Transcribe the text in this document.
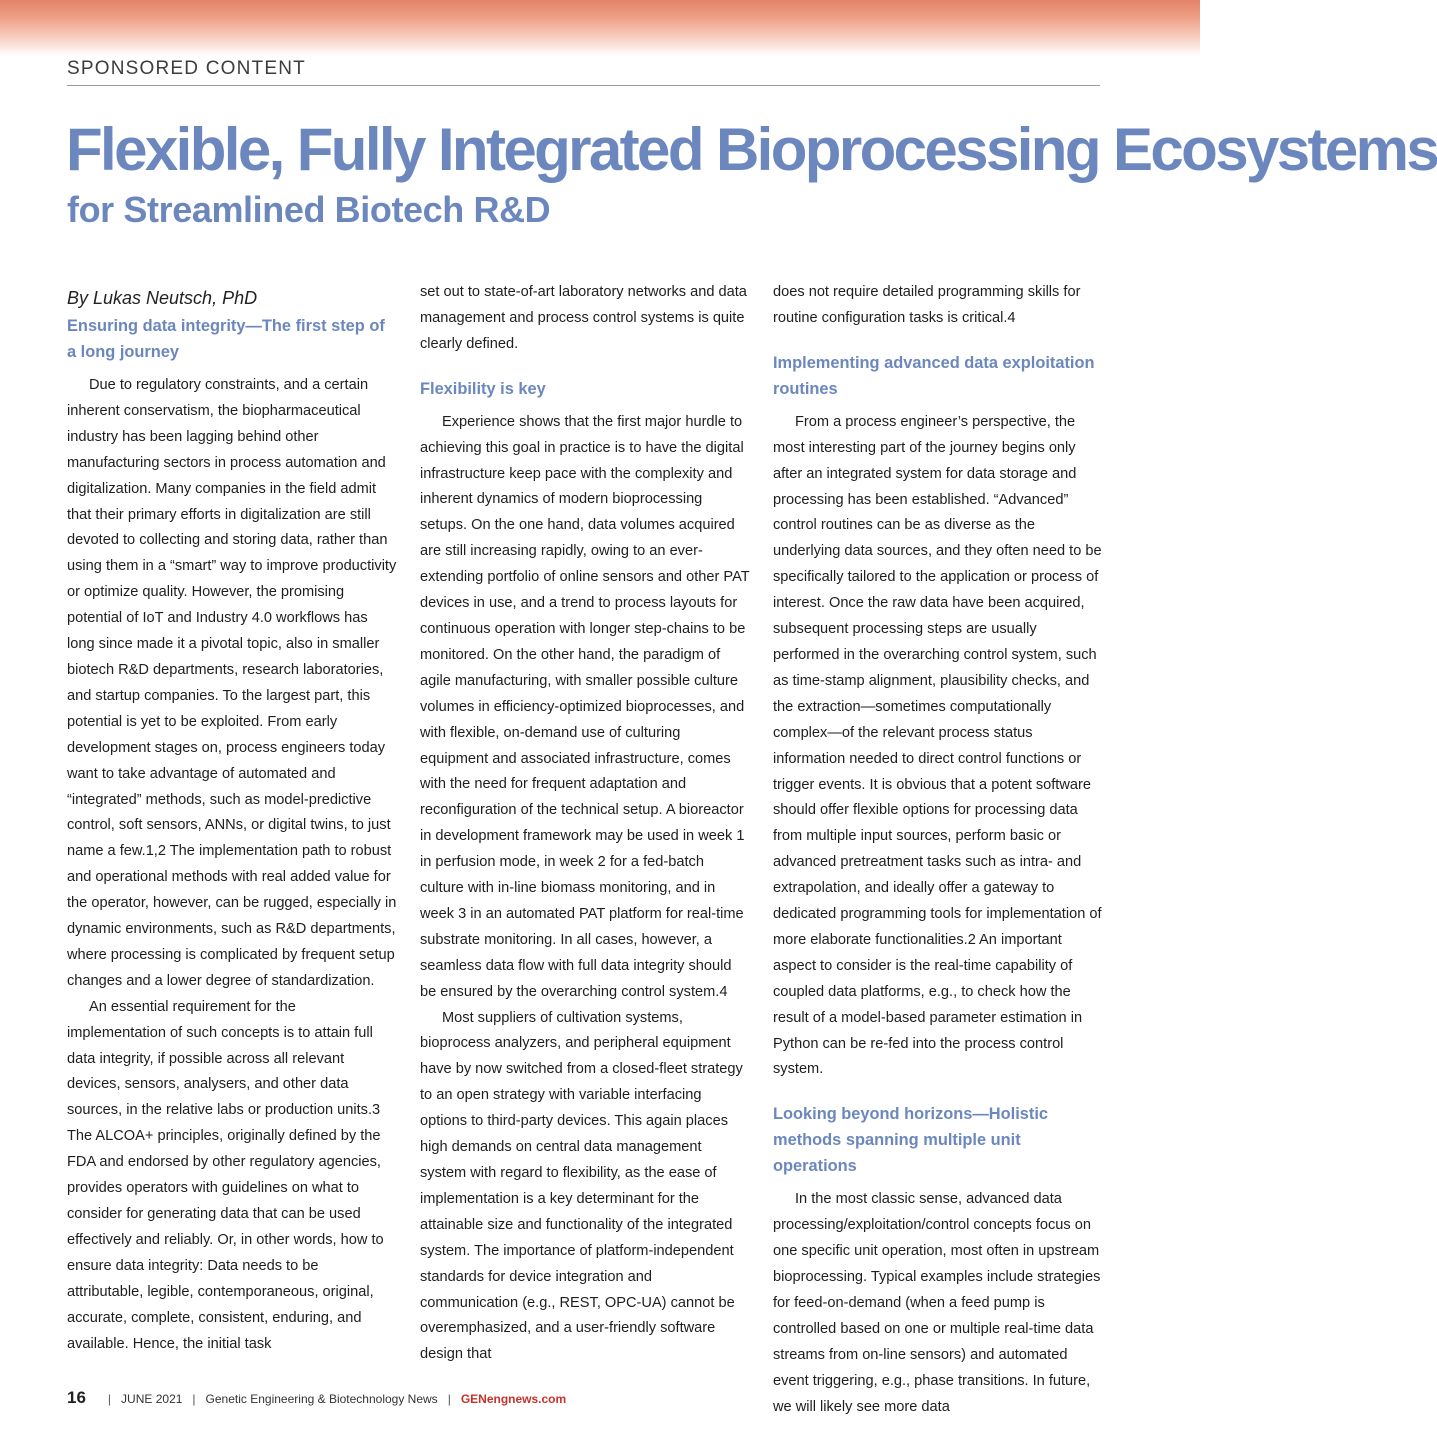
SPONSORED CONTENT
Flexible, Fully Integrated Bioprocessing Ecosystems
for Streamlined Biotech R&D

By Lukas Neutsch, PhD

Ensuring data integrity—The first step of a long journey

Due to regulatory constraints, and a certain inherent conservatism, the biopharmaceutical industry has been lagging behind other manufacturing sectors in process automation and digitalization. Many companies in the field admit that their primary efforts in digitalization are still devoted to collecting and storing data, rather than using them in a “smart” way to improve productivity or optimize quality. However, the promising potential of IoT and Industry 4.0 workflows has long since made it a pivotal topic, also in smaller biotech R&D departments, research laboratories, and startup companies. To the largest part, this potential is yet to be exploited. From early development stages on, process engineers today want to take advantage of automated and “integrated” methods, such as model-predictive control, soft sensors, ANNs, or digital twins, to just name a few.1,2 The implementation path to robust and operational methods with real added value for the operator, however, can be rugged, especially in dynamic environments, such as R&D departments, where processing is complicated by frequent setup changes and a lower degree of standardization.

An essential requirement for the implementation of such concepts is to attain full data integrity, if possible across all relevant devices, sensors, analysers, and other data sources, in the relative labs or production units.3 The ALCOA+ principles, originally defined by the FDA and endorsed by other regulatory agencies, provides operators with guidelines on what to consider for generating data that can be used effectively and reliably. Or, in other words, how to ensure data integrity: Data needs to be attributable, legible, contemporaneous, original, accurate, complete, consistent, enduring, and available. Hence, the initial task

set out to state-of-art laboratory networks and data management and process control systems is quite clearly defined.

Flexibility is key

Experience shows that the first major hurdle to achieving this goal in practice is to have the digital infrastructure keep pace with the complexity and inherent dynamics of modern bioprocessing setups. On the one hand, data volumes acquired are still increasing rapidly, owing to an ever-extending portfolio of online sensors and other PAT devices in use, and a trend to process layouts for continuous operation with longer step-chains to be monitored. On the other hand, the paradigm of agile manufacturing, with smaller possible culture volumes in efficiency-optimized bioprocesses, and with flexible, on-demand use of culturing equipment and associated infrastructure, comes with the need for frequent adaptation and reconfiguration of the technical setup. A bioreactor in development framework may be used in week 1 in perfusion mode, in week 2 for a fed-batch culture with in-line biomass monitoring, and in week 3 in an automated PAT platform for real-time substrate monitoring. In all cases, however, a seamless data flow with full data integrity should be ensured by the overarching control system.4

Most suppliers of cultivation systems, bioprocess analyzers, and peripheral equipment have by now switched from a closed-fleet strategy to an open strategy with variable interfacing options to third-party devices. This again places high demands on central data management system with regard to flexibility, as the ease of implementation is a key determinant for the attainable size and functionality of the integrated system. The importance of platform-independent standards for device integration and communication (e.g., REST, OPC-UA) cannot be overemphasized, and a user-friendly software design that

does not require detailed programming skills for routine configuration tasks is critical.4

Implementing advanced data exploitation routines

From a process engineer’s perspective, the most interesting part of the journey begins only after an integrated system for data storage and processing has been established. “Advanced” control routines can be as diverse as the underlying data sources, and they often need to be specifically tailored to the application or process of interest. Once the raw data have been acquired, subsequent processing steps are usually performed in the overarching control system, such as time-stamp alignment, plausibility checks, and the extraction—sometimes computationally complex—of the relevant process status information needed to direct control functions or trigger events. It is obvious that a potent software should offer flexible options for processing data from multiple input sources, perform basic or advanced pretreatment tasks such as intra- and extrapolation, and ideally offer a gateway to dedicated programming tools for implementation of more elaborate functionalities.2 An important aspect to consider is the real-time capability of coupled data platforms, e.g., to check how the result of a model-based parameter estimation in Python can be re-fed into the process control system.

Looking beyond horizons—Holistic methods spanning multiple unit operations

In the most classic sense, advanced data processing/exploitation/control concepts focus on one specific unit operation, most often in upstream bioprocessing. Typical examples include strategies for feed-on-demand (when a feed pump is controlled based on one or multiple real-time data streams from on-line sensors) and automated event triggering, e.g., phase transitions. In future, we will likely see more data

16 | JUNE 2021 | Genetic Engineering & Biotechnology News | GENengnews.com
